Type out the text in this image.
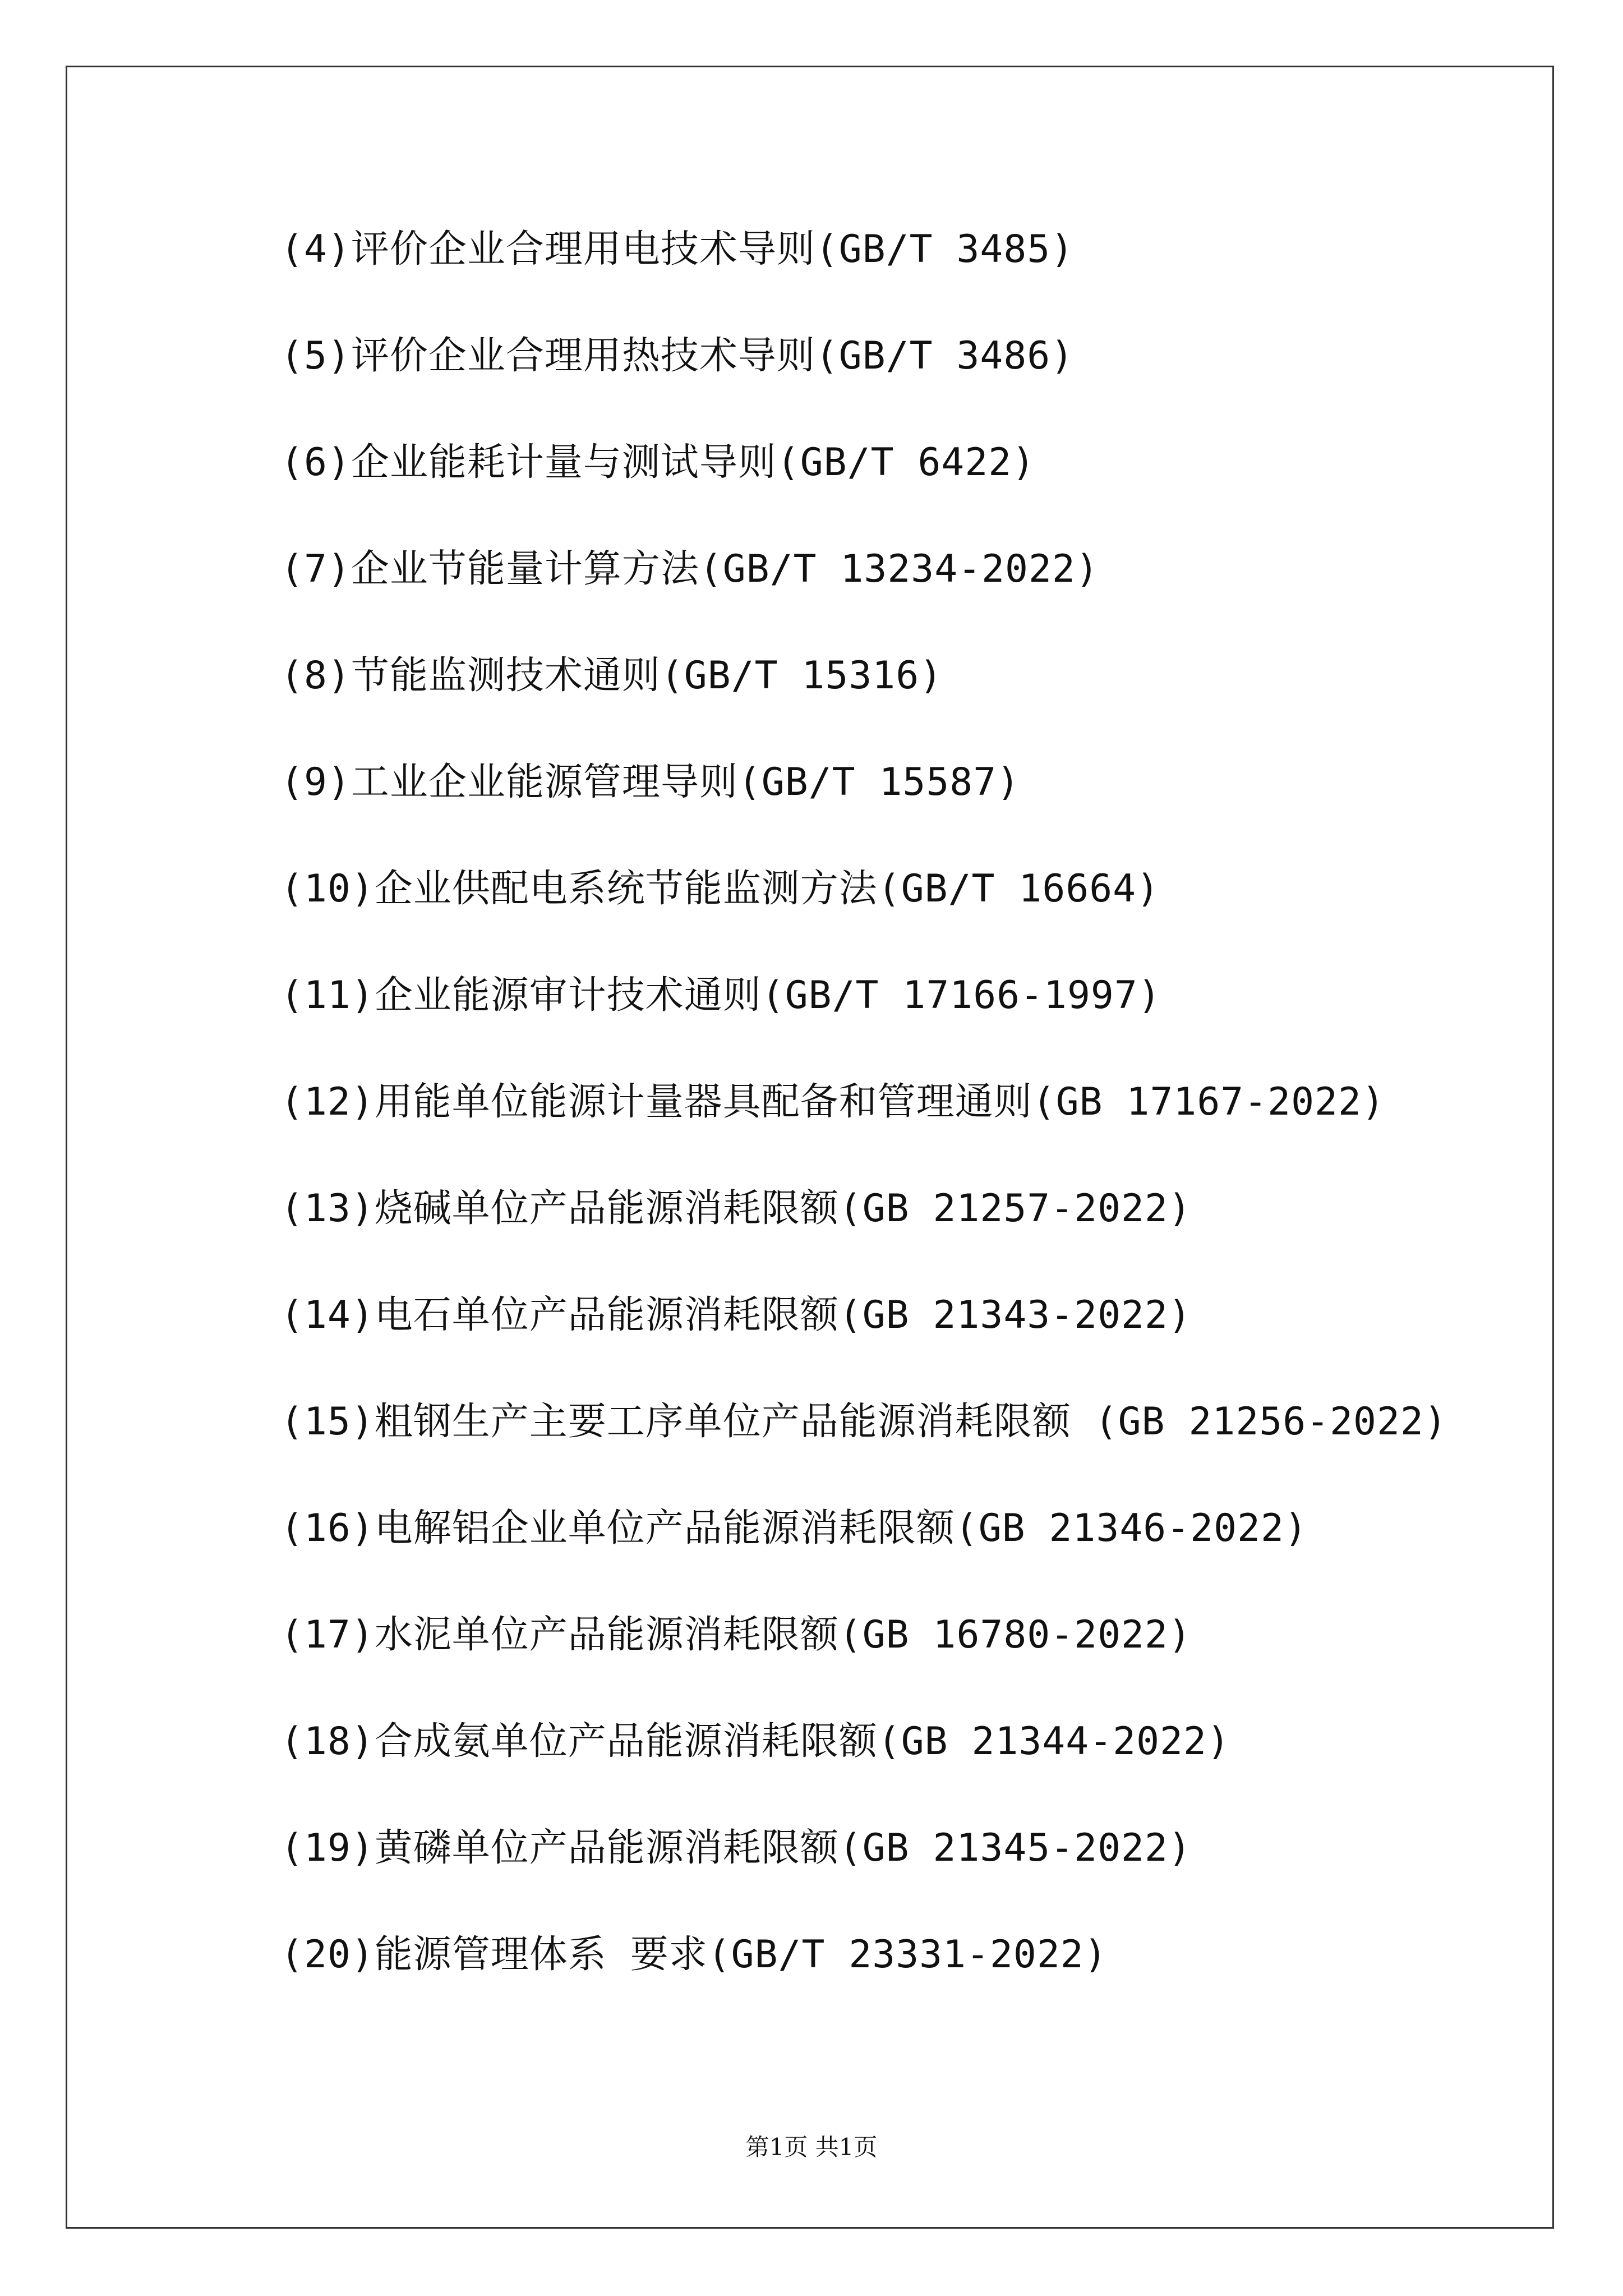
(4)评价企业合理用电技术导则(GB/T 3485)
(5)评价企业合理用热技术导则(GB/T 3486)
(6)企业能耗计量与测试导则(GB/T 6422)
(7)企业节能量计算方法(GB/T 13234-2022)
(8)节能监测技术通则(GB/T 15316)
(9)工业企业能源管理导则(GB/T 15587)
(10)企业供配电系统节能监测方法(GB/T 16664)
(11)企业能源审计技术通则(GB/T 17166-1997)
(12)用能单位能源计量器具配备和管理通则(GB 17167-2022)
(13)烧碱单位产品能源消耗限额(GB 21257-2022)
(14)电石单位产品能源消耗限额(GB 21343-2022)
(15)粗钢生产主要工序单位产品能源消耗限额 (GB 21256-2022)
(16)电解铝企业单位产品能源消耗限额(GB 21346-2022)
(17)水泥单位产品能源消耗限额(GB 16780-2022)
(18)合成氨单位产品能源消耗限额(GB 21344-2022)
(19)黄磷单位产品能源消耗限额(GB 21345-2022)
(20)能源管理体系 要求(GB/T 23331-2022)
第1页 共1页
